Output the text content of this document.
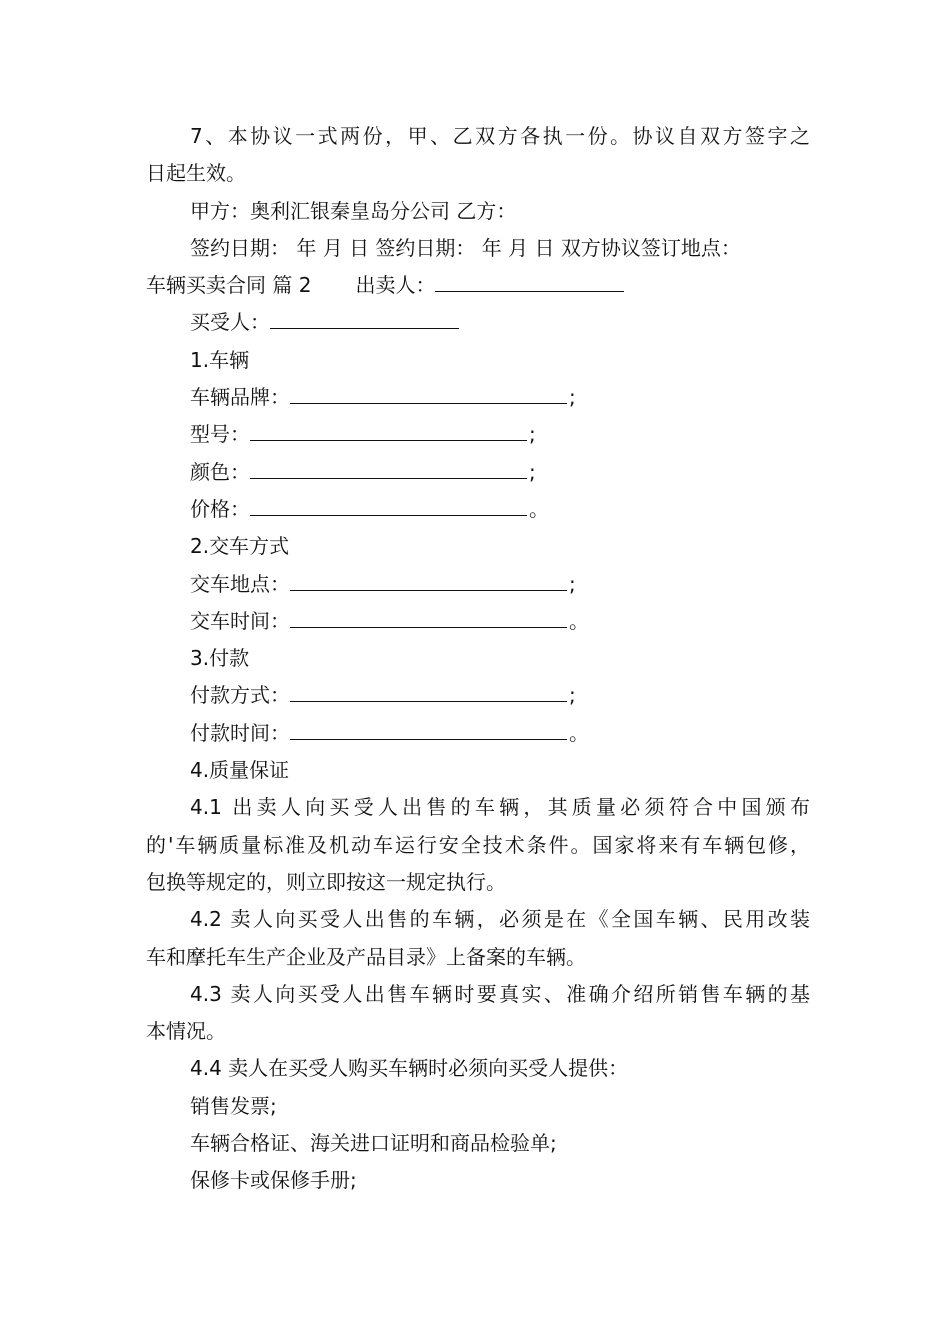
7、本协议一式两份，甲、乙双方各执一份。协议自双方签字之
日起生效。
甲方：奥利汇银秦皇岛分公司 乙方：
签约日期： 年 月 日 签约日期： 年 月 日 双方协议签订地点：
车辆买卖合同 篇 2 出卖人：
买受人：
1.车辆
车辆品牌：	;
型号：	;
颜色：	;
价格：	。
2.交车方式
交车地点：	;
交车时间：	。
3.付款
付款方式：	;
付款时间：	。
4.质量保证
4.1 出卖人向买受人出售的车辆，其质量必须符合中国颁布
的'车辆质量标准及机动车运行安全技术条件。国家将来有车辆包修，
包换等规定的，则立即按这一规定执行。
4.2 卖人向买受人出售的车辆，必须是在《全国车辆、民用改装
车和摩托车生产企业及产品目录》上备案的车辆。
4.3 卖人向买受人出售车辆时要真实、准确介绍所销售车辆的基
本情况。
4.4 卖人在买受人购买车辆时必须向买受人提供：
销售发票;
车辆合格证、海关进口证明和商品检验单;
保修卡或保修手册;
